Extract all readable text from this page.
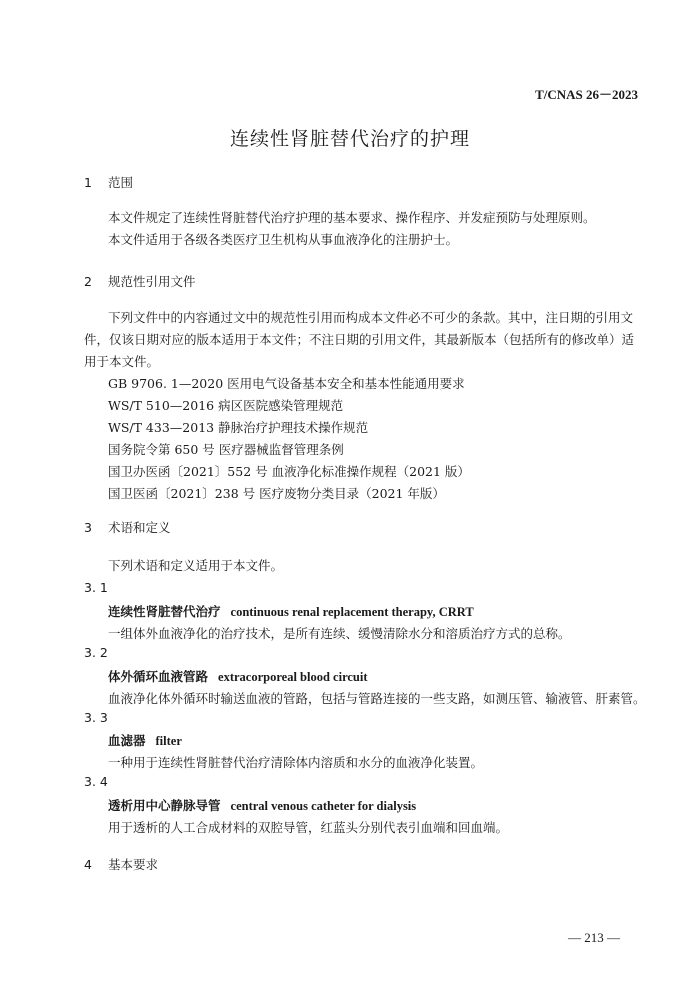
T/CNAS 26－2023
连续性肾脏替代治疗的护理
1 范围
本文件规定了连续性肾脏替代治疗护理的基本要求、操作程序、并发症预防与处理原则。
本文件适用于各级各类医疗卫生机构从事血液净化的注册护士。
2 规范性引用文件
下列文件中的内容通过文中的规范性引用而构成本文件必不可少的条款。其中，注日期的引用文件，仅该日期对应的版本适用于本文件；不注日期的引用文件，其最新版本（包括所有的修改单）适用于本文件。
GB 9706. 1—2020 医用电气设备基本安全和基本性能通用要求
WS/T 510—2016 病区医院感染管理规范
WS/T 433—2013 静脉治疗护理技术操作规范
国务院令第 650 号 医疗器械监督管理条例
国卫办医函〔2021〕552 号 血液净化标准操作规程（2021 版）
国卫医函〔2021〕238 号 医疗废物分类目录（2021 年版）
3 术语和定义
下列术语和定义适用于本文件。
3. 1
连续性肾脏替代治疗 continuous renal replacement therapy, CRRT
一组体外血液净化的治疗技术，是所有连续、缓慢清除水分和溶质治疗方式的总称。
3. 2
体外循环血液管路 extracorporeal blood circuit
血液净化体外循环时输送血液的管路，包括与管路连接的一些支路，如测压管、输液管、肝素管。
3. 3
血滤器 filter
一种用于连续性肾脏替代治疗清除体内溶质和水分的血液净化装置。
3. 4
透析用中心静脉导管 central venous catheter for dialysis
用于透析的人工合成材料的双腔导管，红蓝头分别代表引血端和回血端。
4 基本要求
— 213 —
